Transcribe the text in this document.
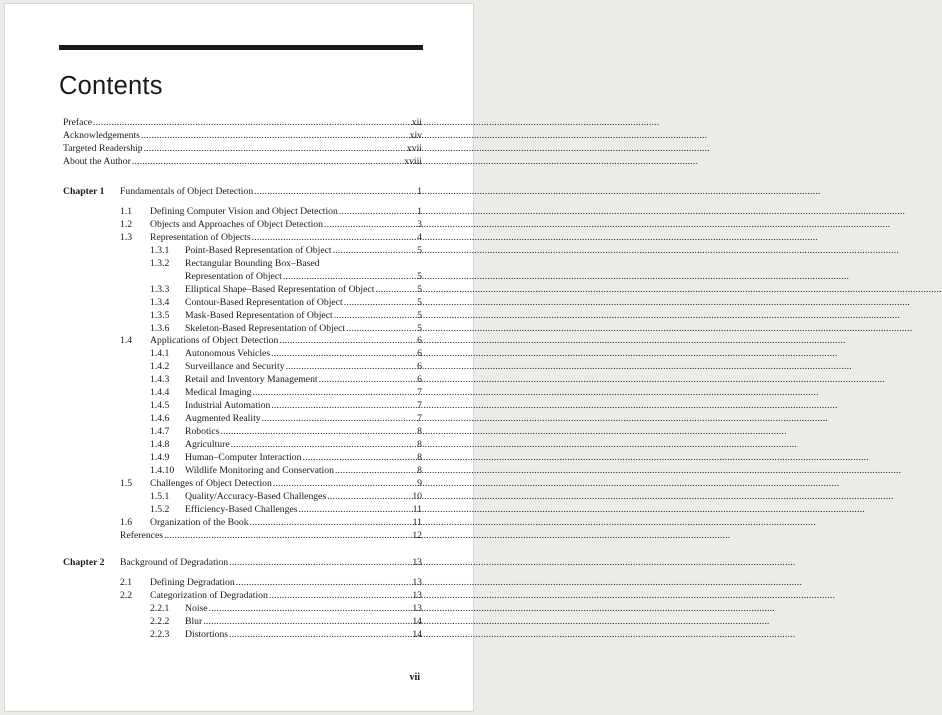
Contents
Preface .....	xii
Acknowledgements .....	xiv
Targeted Readership .....	xvii
About the Author .....	xviii
Chapter 1 Fundamentals of Object Detection .....	1
1.1 Defining Computer Vision and Object Detection .....	1
1.2 Objects and Approaches of Object Detection .....	3
1.3 Representation of Objects .....	4
1.3.1 Point-Based Representation of Object .....	5
1.3.2 Rectangular Bounding Box–Based
Representation of Object .....	5
1.3.3 Elliptical Shape–Based Representation of Object .....	5
1.3.4 Contour-Based Representation of Object .....	5
1.3.5 Mask-Based Representation of Object .....	5
1.3.6 Skeleton-Based Representation of Object .....	5
1.4 Applications of Object Detection .....	6
1.4.1 Autonomous Vehicles .....	6
1.4.2 Surveillance and Security .....	6
1.4.3 Retail and Inventory Management .....	6
1.4.4 Medical Imaging .....	7
1.4.5 Industrial Automation .....	7
1.4.6 Augmented Reality .....	7
1.4.7 Robotics .....	8
1.4.8 Agriculture .....	8
1.4.9 Human–Computer Interaction .....	8
1.4.10 Wildlife Monitoring and Conservation .....	8
1.5 Challenges of Object Detection .....	9
1.5.1 Quality/Accuracy-Based Challenges .....	10
1.5.2 Efficiency-Based Challenges .....	11
1.6 Organization of the Book .....	11
References .....	12
Chapter 2 Background of Degradation .....	13
2.1 Defining Degradation .....	13
2.2 Categorization of Degradation .....	13
2.2.1 Noise .....	13
2.2.2 Blur .....	14
2.2.3 Distortions .....	14
vii
